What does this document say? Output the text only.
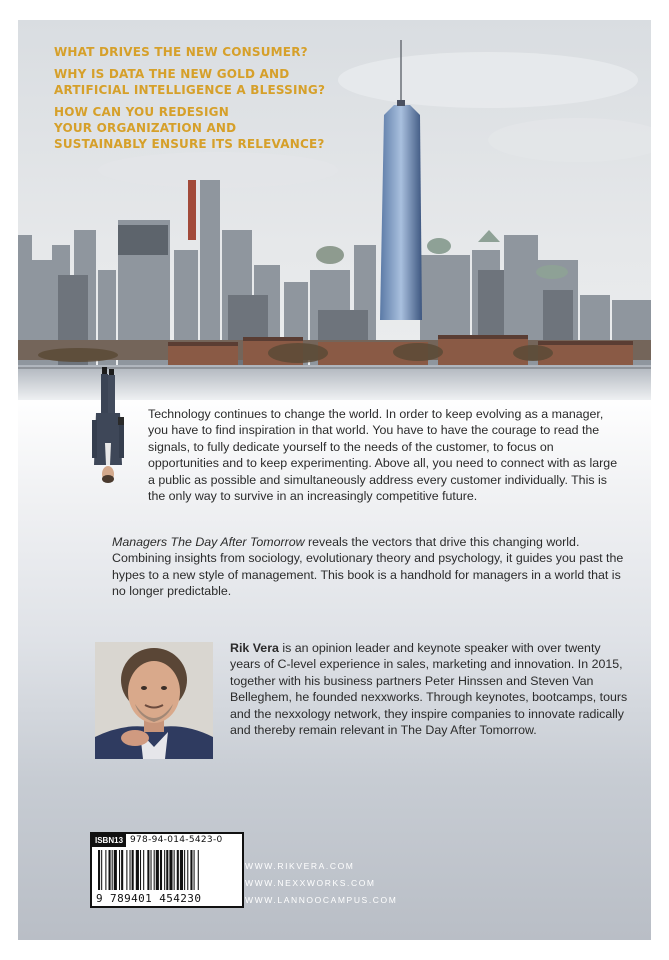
WHAT DRIVES THE NEW CONSUMER?

WHY IS DATA THE NEW GOLD AND
ARTIFICIAL INTELLIGENCE A BLESSING?

HOW CAN YOU REDESIGN
YOUR ORGANIZATION AND
SUSTAINABLY ENSURE ITS RELEVANCE?

Technology continues to change the world. In order to keep evolving as a manager, you have to find inspiration in that world. You have to have the courage to read the signals, to fully dedicate yourself to the needs of the customer, to focus on opportunities and to keep experimenting. Above all, you need to connect with as large a public as possible and simultaneously address every customer individually. This is the only way to survive in an increasingly competitive future.

Managers The Day After Tomorrow reveals the vectors that drive this changing world. Combining insights from sociology, evolutionary theory and psychology, it guides you past the hypes to a new style of management. This book is a handhold for managers in a world that is no longer predictable.

Rik Vera is an opinion leader and keynote speaker with over twenty years of C-level experience in sales, marketing and innovation. In 2015, together with his business partners Peter Hinssen and Steven Van Belleghem, he founded nexxworks. Through keynotes, bootcamps, tours and the nexxology network, they inspire companies to innovate radically and thereby remain relevant in The Day After Tomorrow.

ISBN13 978-94-014-5423-0
9 789401 454230
WWW.RIKVERA.COM
WWW.NEXXWORKS.COM
WWW.LANNOOCAMPUS.COM
